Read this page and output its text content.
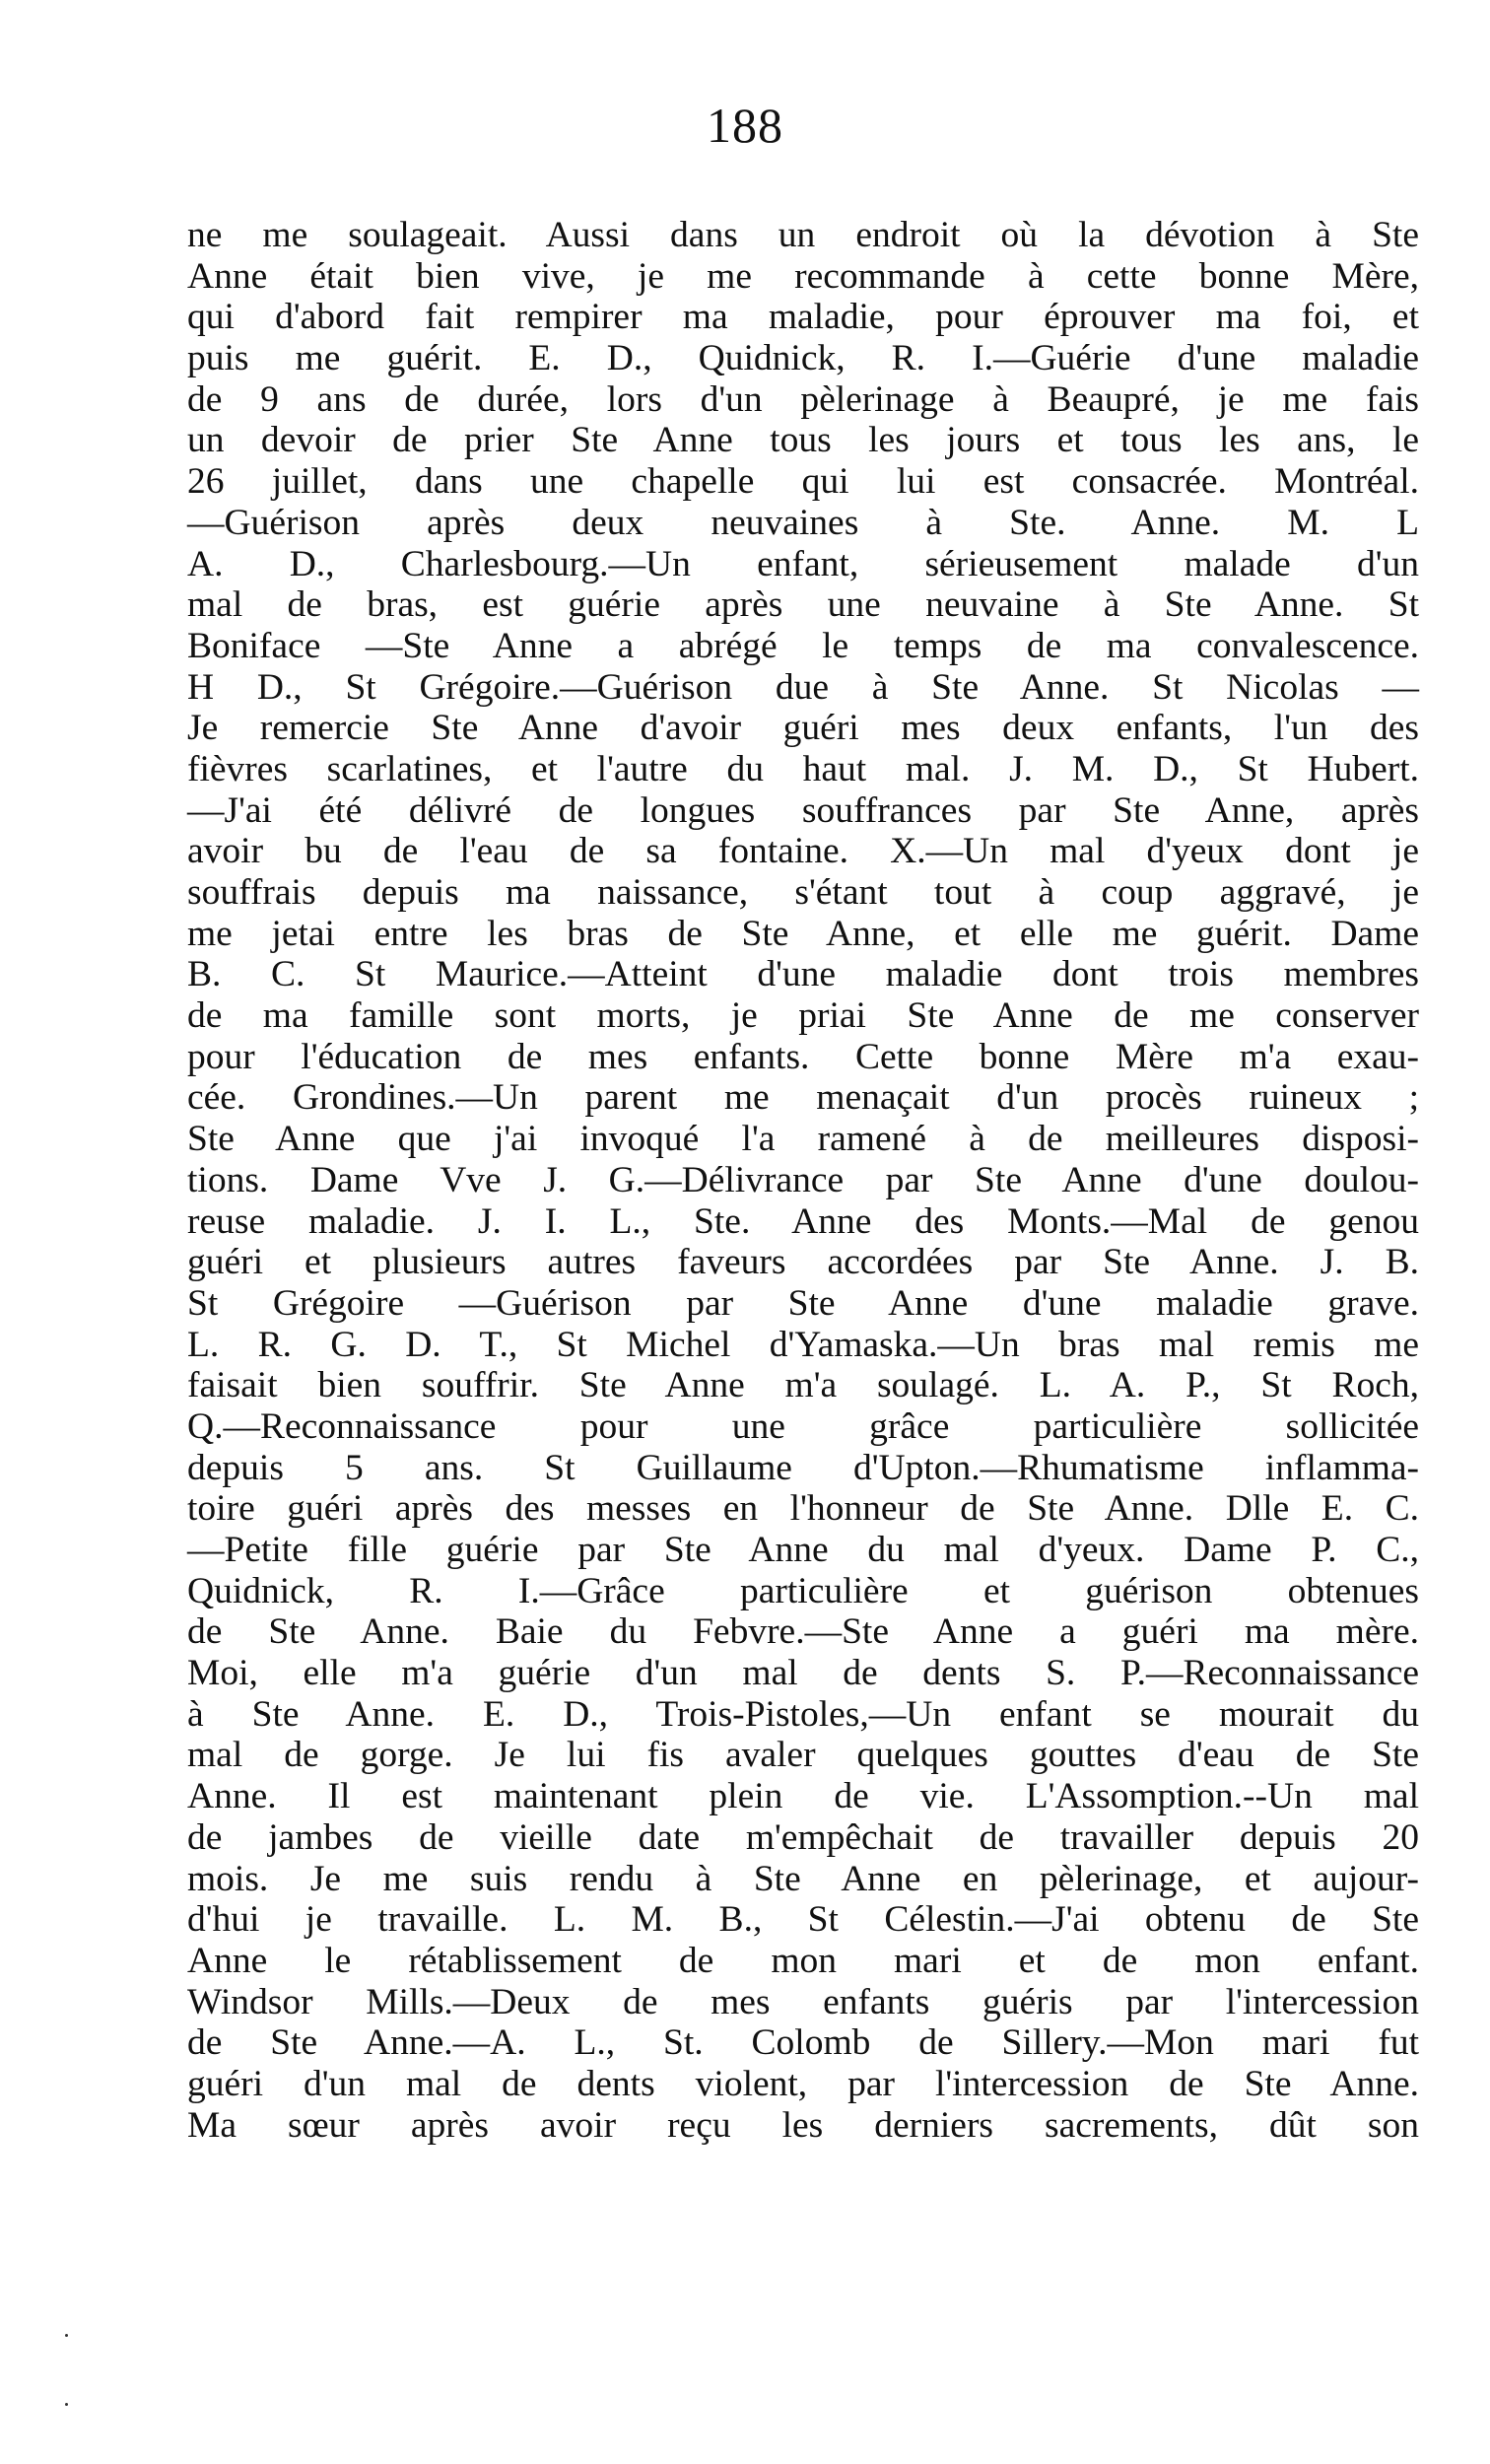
188
ne me soulageait. Aussi dans un endroit où la dévotion à Ste
Anne était bien vive, je me recommande à cette bonne Mère,
qui d'abord fait rempirer ma maladie, pour éprouver ma foi, et
puis me guérit. E. D., Quidnick, R. I.—Guérie d'une maladie
de 9 ans de durée, lors d'un pèlerinage à Beaupré, je me fais
un devoir de prier Ste Anne tous les jours et tous les ans, le
26 juillet, dans une chapelle qui lui est consacrée. Montréal.
—Guérison après deux neuvaines à Ste. Anne. M. L
A. D., Charlesbourg.—Un enfant, sérieusement malade d'un
mal de bras, est guérie après une neuvaine à Ste Anne. St
Boniface —Ste Anne a abrégé le temps de ma convalescence.
H D., St Grégoire.—Guérison due à Ste Anne. St Nicolas —
Je remercie Ste Anne d'avoir guéri mes deux enfants, l'un des
fièvres scarlatines, et l'autre du haut mal. J. M. D., St Hubert.
—J'ai été délivré de longues souffrances par Ste Anne, après
avoir bu de l'eau de sa fontaine. X.—Un mal d'yeux dont je
souffrais depuis ma naissance, s'étant tout à coup aggravé, je
me jetai entre les bras de Ste Anne, et elle me guérit. Dame
B. C. St Maurice.—Atteint d'une maladie dont trois membres
de ma famille sont morts, je priai Ste Anne de me conserver
pour l'éducation de mes enfants. Cette bonne Mère m'a exau-
cée. Grondines.—Un parent me menaçait d'un procès ruineux ;
Ste Anne que j'ai invoqué l'a ramené à de meilleures disposi-
tions. Dame Vve J. G.—Délivrance par Ste Anne d'une doulou-
reuse maladie. J. I. L., Ste. Anne des Monts.—Mal de genou
guéri et plusieurs autres faveurs accordées par Ste Anne. J. B.
St Grégoire —Guérison par Ste Anne d'une maladie grave.
L. R. G. D. T., St Michel d'Yamaska.—Un bras mal remis me
faisait bien souffrir. Ste Anne m'a soulagé. L. A. P., St Roch,
Q.—Reconnaissance pour une grâce particulière sollicitée
depuis 5 ans. St Guillaume d'Upton.—Rhumatisme inflamma-
toire guéri après des messes en l'honneur de Ste Anne. Dlle E. C.
—Petite fille guérie par Ste Anne du mal d'yeux. Dame P. C.,
Quidnick, R. I.—Grâce particulière et guérison obtenues
de Ste Anne. Baie du Febvre.—Ste Anne a guéri ma mère.
Moi, elle m'a guérie d'un mal de dents S. P.—Reconnaissance
à Ste Anne. E. D., Trois-Pistoles,—Un enfant se mourait du
mal de gorge. Je lui fis avaler quelques gouttes d'eau de Ste
Anne. Il est maintenant plein de vie. L'Assomption.--Un mal
de jambes de vieille date m'empêchait de travailler depuis 20
mois. Je me suis rendu à Ste Anne en pèlerinage, et aujour-
d'hui je travaille. L. M. B., St Célestin.—J'ai obtenu de Ste
Anne le rétablissement de mon mari et de mon enfant.
Windsor Mills.—Deux de mes enfants guéris par l'intercession
de Ste Anne.—A. L., St. Colomb de Sillery.—Mon mari fut
guéri d'un mal de dents violent, par l'intercession de Ste Anne.
Ma sœur après avoir reçu les derniers sacrements, dût son
